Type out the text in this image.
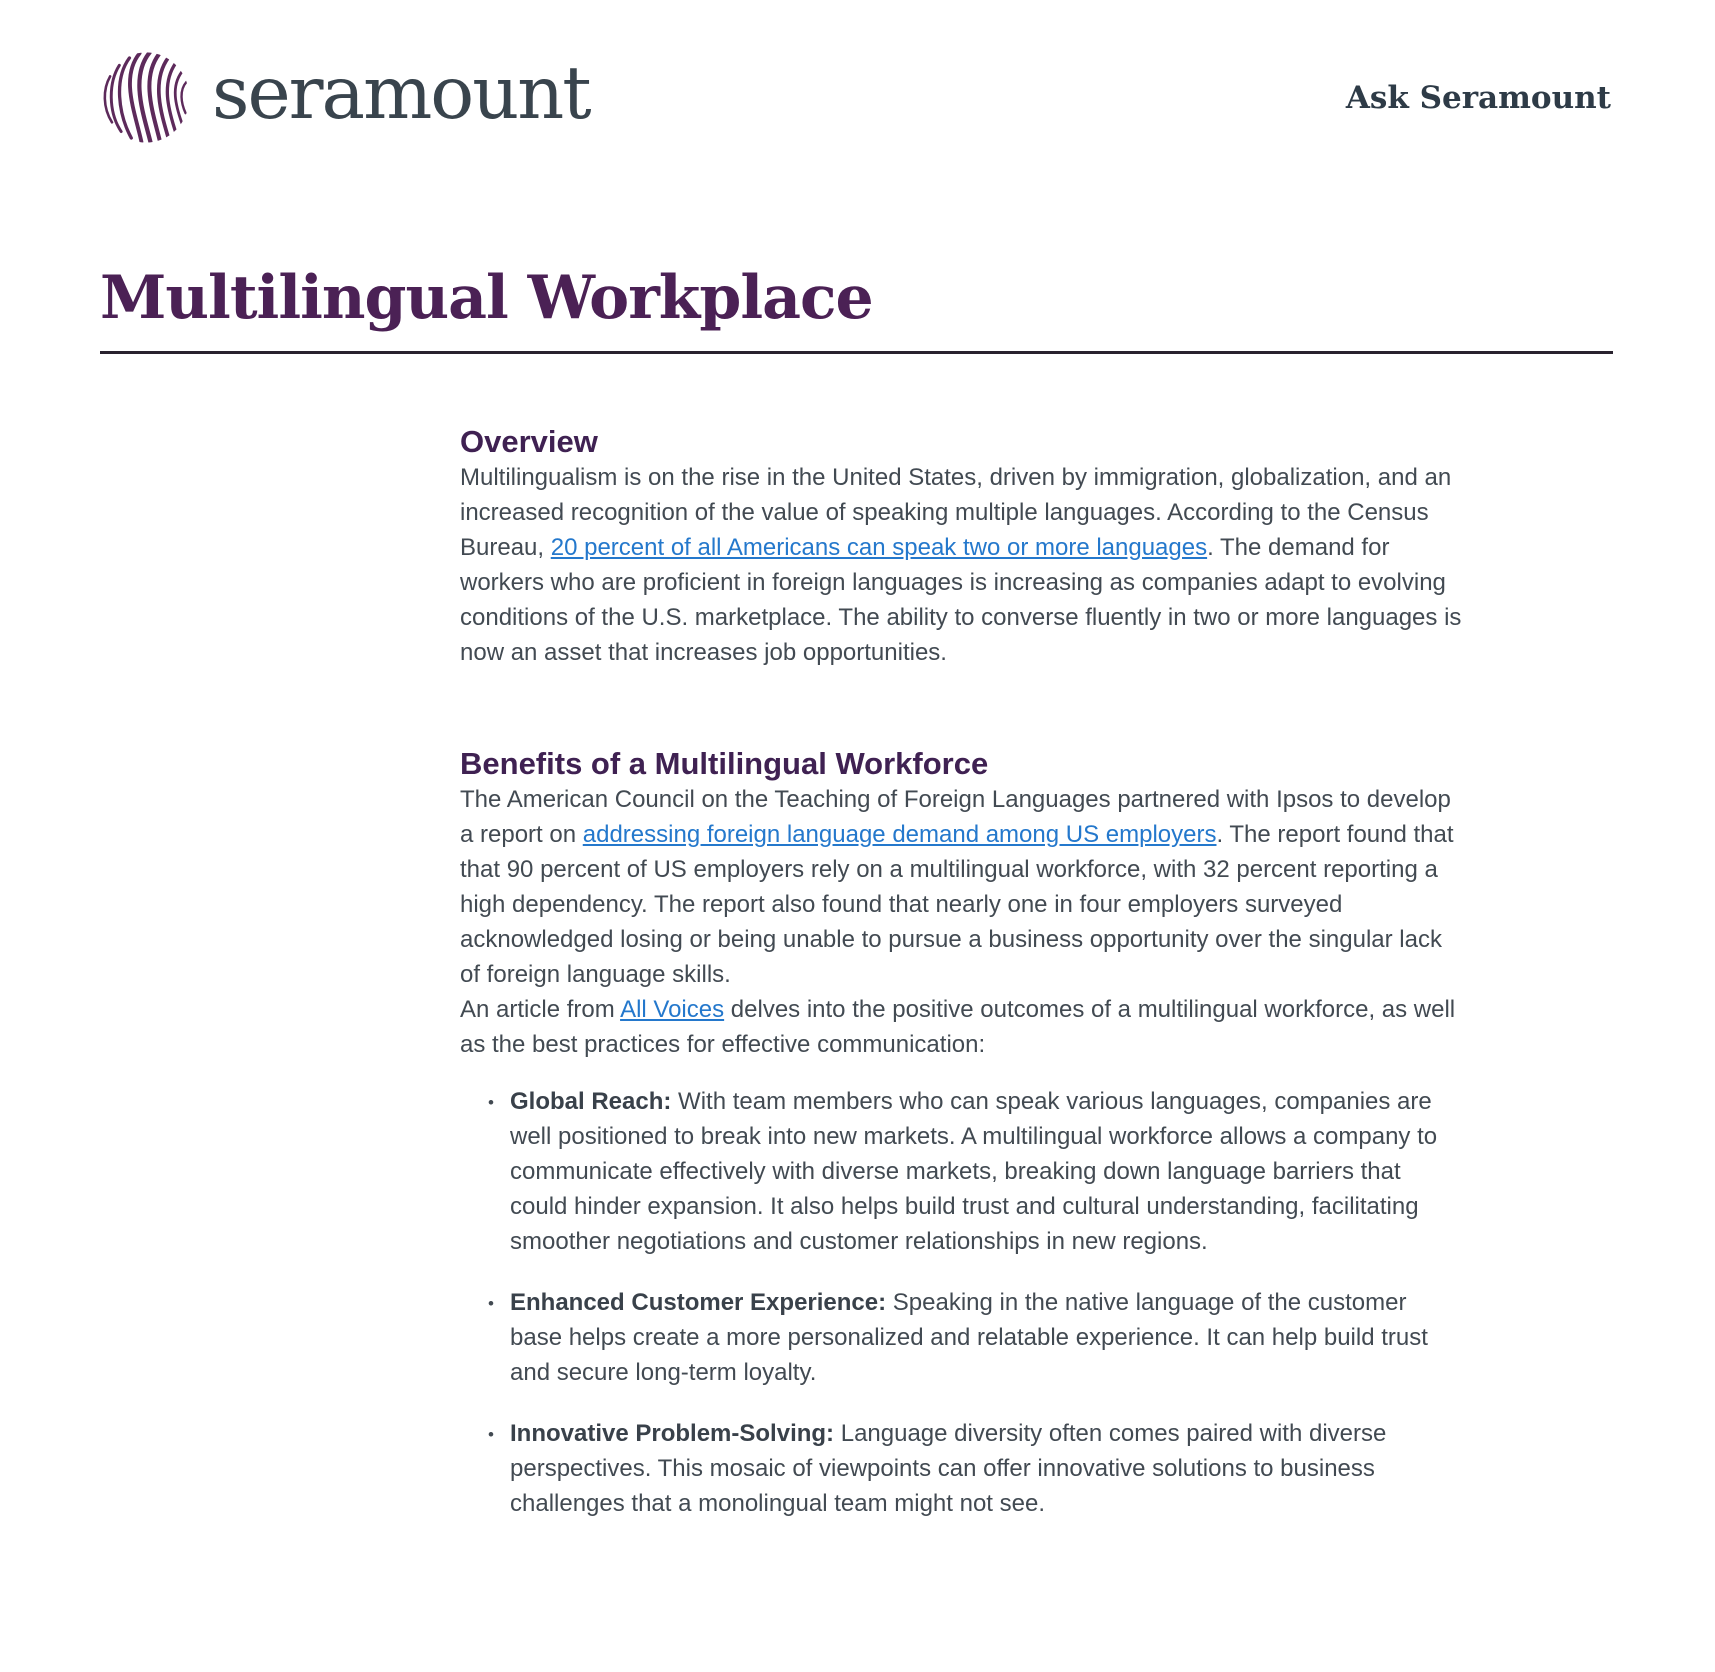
seramount	Ask Seramount
Multilingual Workplace
Overview

Multilingualism is on the rise in the United States, driven by immigration, globalization, and an increased recognition of the value of speaking multiple languages. According to the Census Bureau, 20 percent of all Americans can speak two or more languages. The demand for workers who are proficient in foreign languages is increasing as companies adapt to evolving conditions of the U.S. marketplace. The ability to converse fluently in two or more languages is now an asset that increases job opportunities.

Benefits of a Multilingual Workforce

The American Council on the Teaching of Foreign Languages partnered with Ipsos to develop a report on addressing foreign language demand among US employers. The report found that that 90 percent of US employers rely on a multilingual workforce, with 32 percent reporting a high dependency. The report also found that nearly one in four employers surveyed acknowledged losing or being unable to pursue a business opportunity over the singular lack of foreign language skills.

An article from All Voices delves into the positive outcomes of a multilingual workforce, as well as the best practices for effective communication:

• Global Reach: With team members who can speak various languages, companies are well positioned to break into new markets. A multilingual workforce allows a company to communicate effectively with diverse markets, breaking down language barriers that could hinder expansion. It also helps build trust and cultural understanding, facilitating smoother negotiations and customer relationships in new regions.
• Enhanced Customer Experience: Speaking in the native language of the customer base helps create a more personalized and relatable experience. It can help build trust and secure long-term loyalty.
• Innovative Problem-Solving: Language diversity often comes paired with diverse perspectives. This mosaic of viewpoints can offer innovative solutions to business challenges that a monolingual team might not see.
